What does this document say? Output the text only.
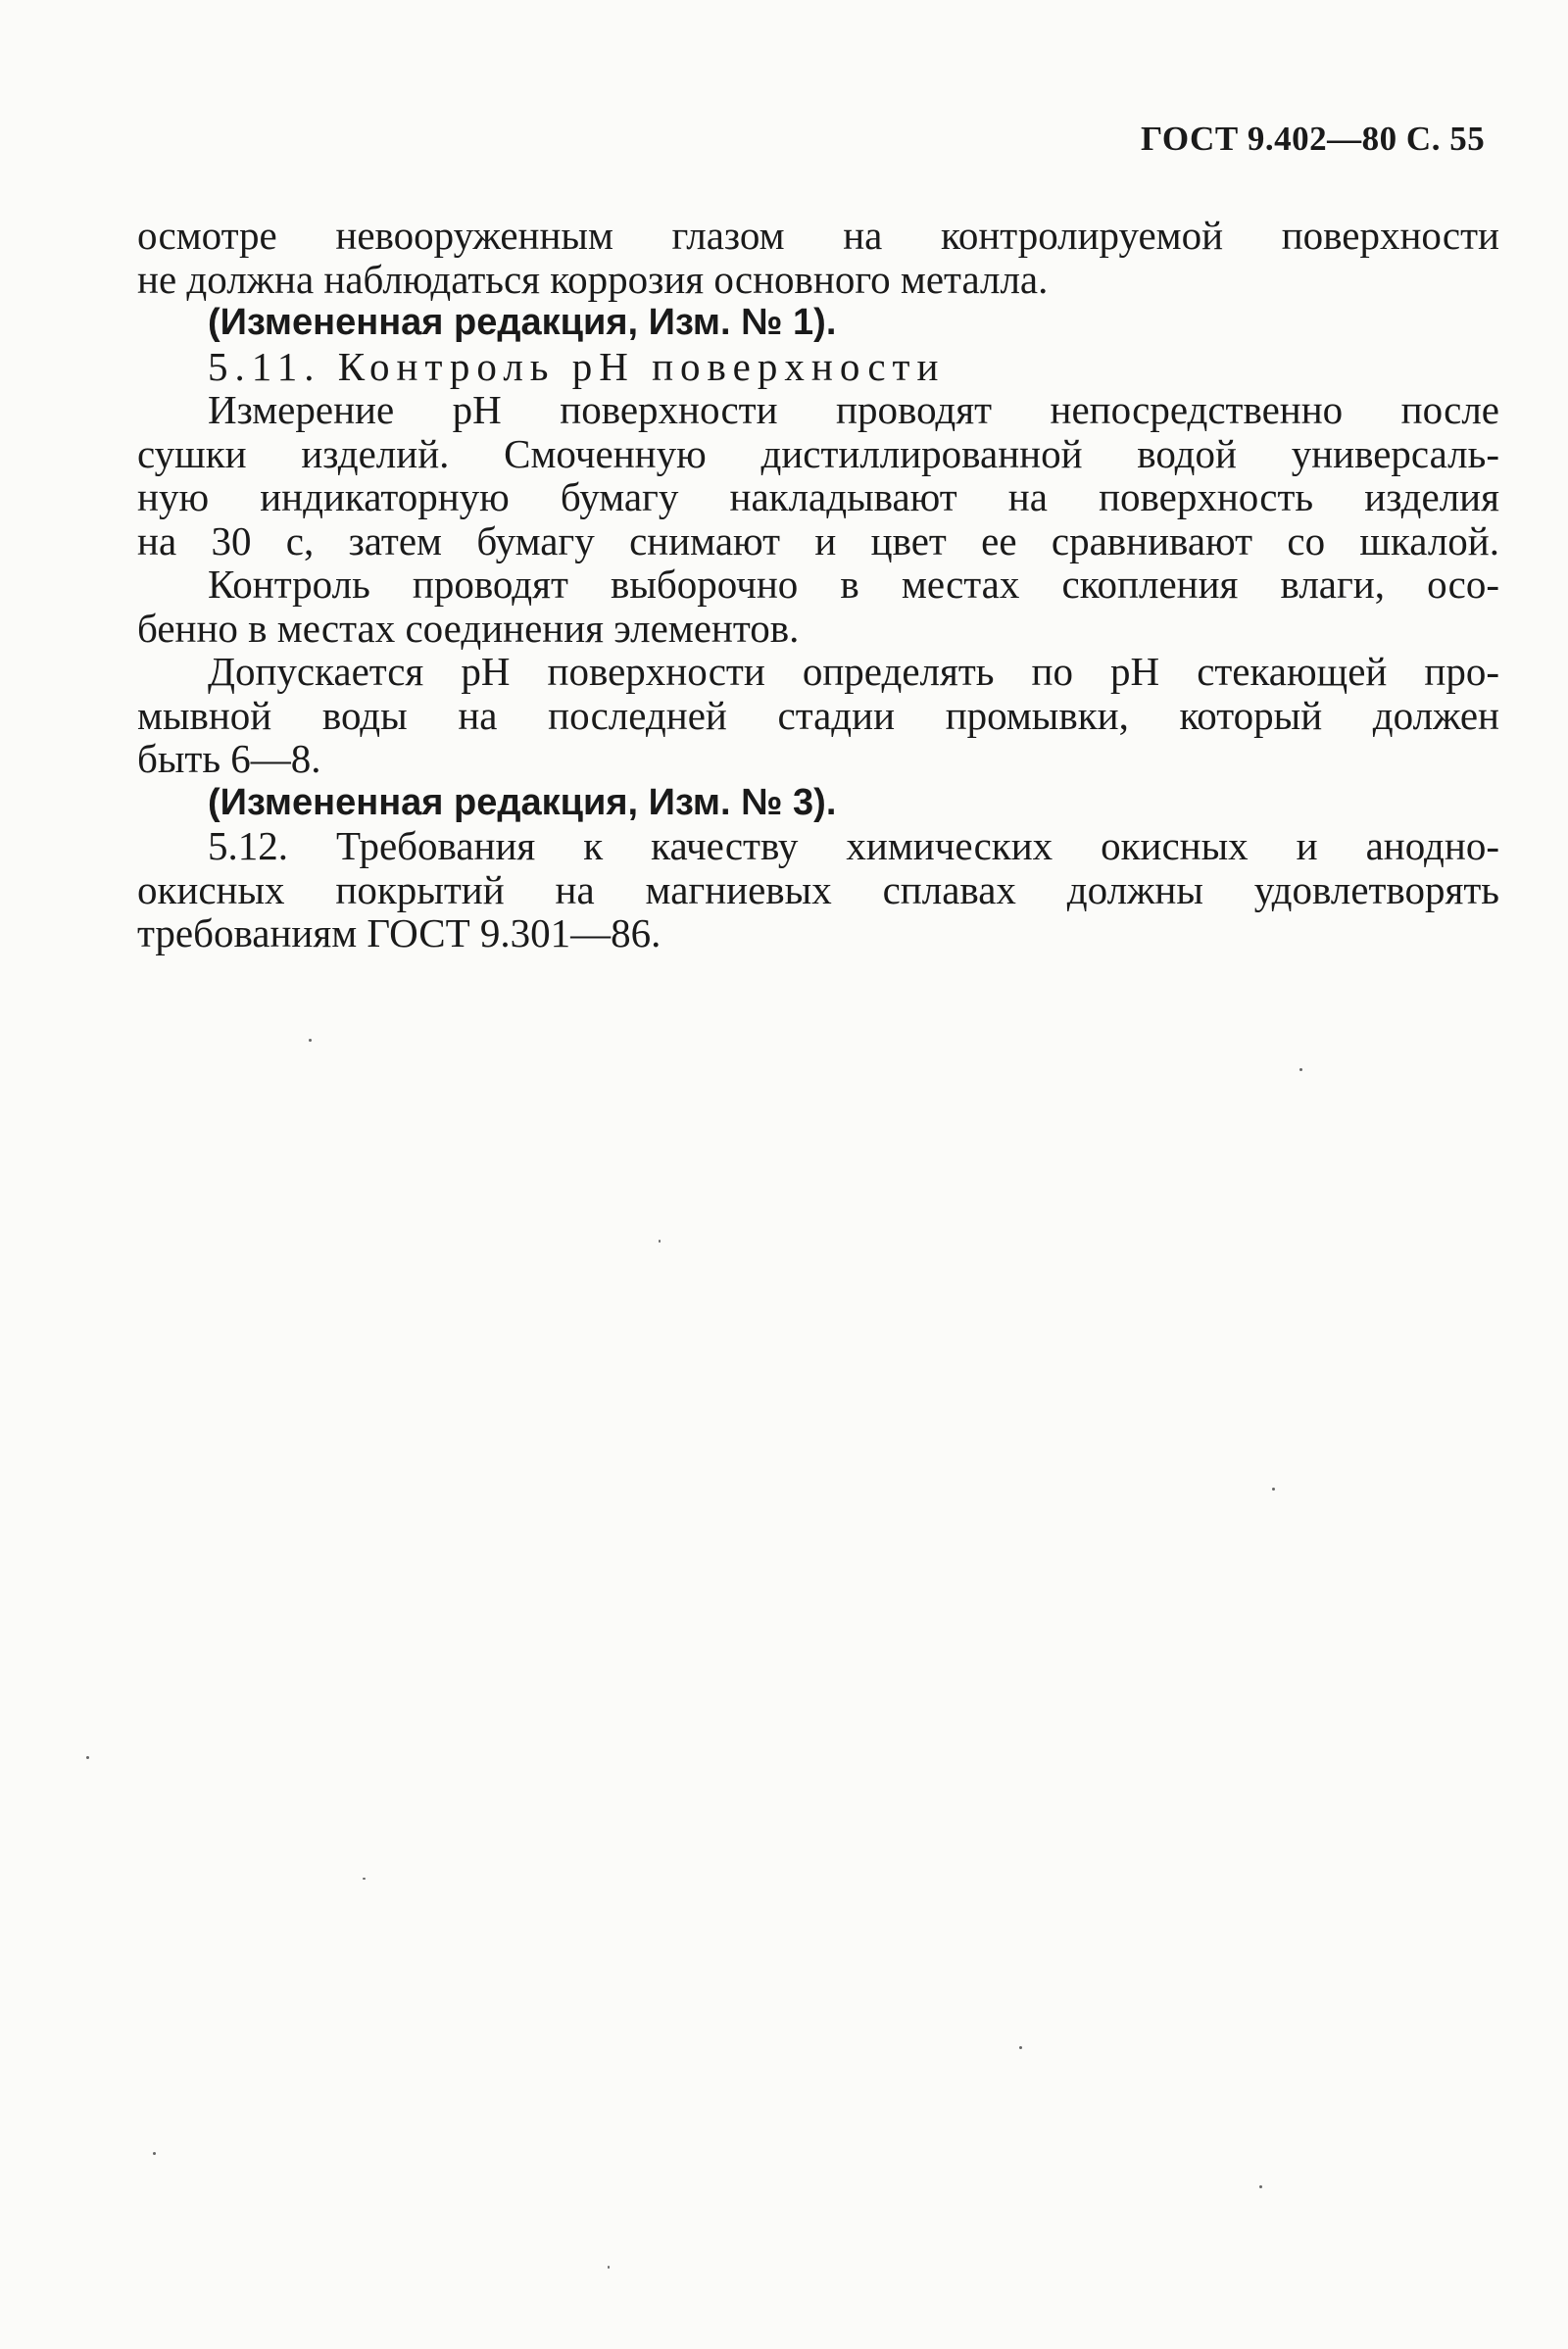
ГОСТ 9.402—80 С. 55
осмотре невооруженным глазом на контролируемой поверхности
не должна наблюдаться коррозия основного металла.
(Измененная редакция, Изм. № 1).
5.11. Контроль рН поверхности
Измерение рН поверхности проводят непосредственно после
сушки изделий. Смоченную дистиллированной водой универсаль-
ную индикаторную бумагу накладывают на поверхность изделия
на 30 с, затем бумагу снимают и цвет ее сравнивают со шкалой.
Контроль проводят выборочно в местах скопления влаги, осо-
бенно в местах соединения элементов.
Допускается рН поверхности определять по рН стекающей про-
мывной воды на последней стадии промывки, который должен
быть 6—8.
(Измененная редакция, Изм. № 3).
5.12. Требования к качеству химических окисных и анодно-
окисных покрытий на магниевых сплавах должны удовлетворять
требованиям ГОСТ 9.301—86.
